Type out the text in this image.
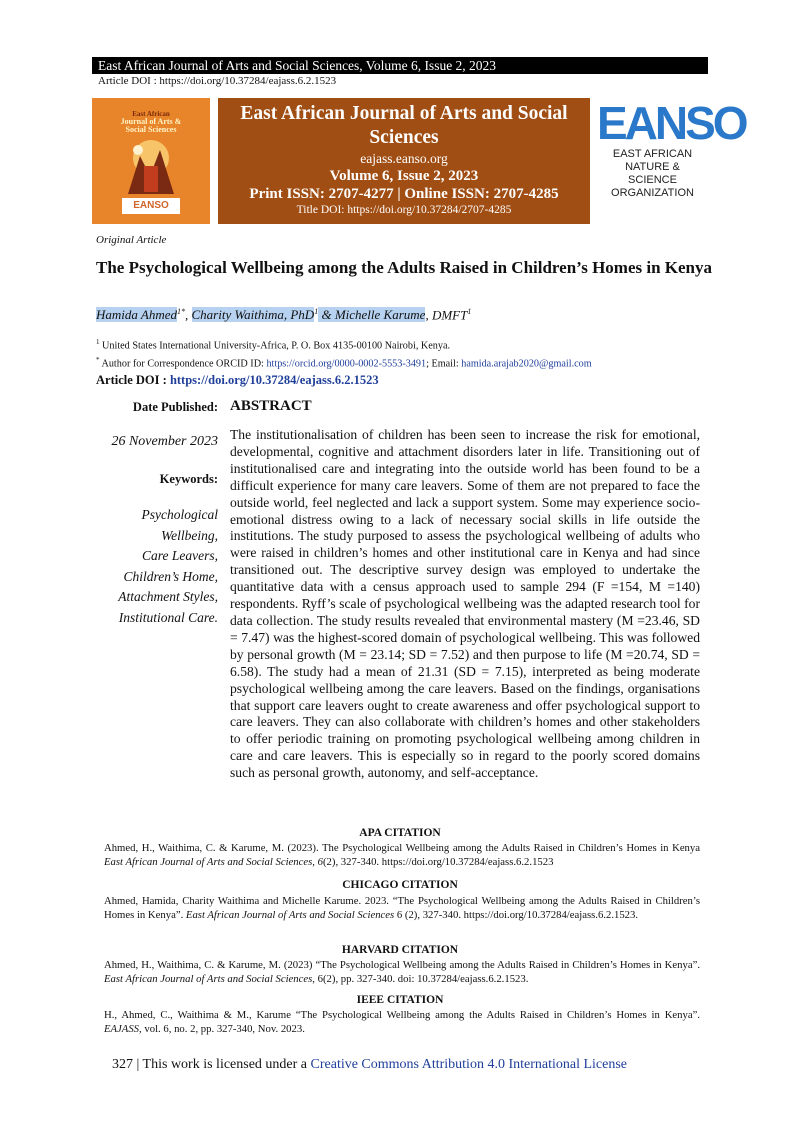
East African Journal of Arts and Social Sciences, Volume 6, Issue 2, 2023
Article DOI : https://doi.org/10.37284/eajass.6.2.1523
East African
Journal of Arts &
Social Sciences
EANSO
East African Journal of Arts and Social Sciences
eajass.eanso.org
Volume 6, Issue 2, 2023
Print ISSN: 2707-4277 | Online ISSN: 2707-4285
Title DOI: https://doi.org/10.37284/2707-4285
EANSO
EAST AFRICAN
NATURE &
SCIENCE
ORGANIZATION
Original Article
The Psychological Wellbeing among the Adults Raised in Children’s Homes in Kenya
Hamida Ahmed$^{1*}$, Charity Waithima, PhD$^1$ & Michelle Karume, DMFT$^1$
$^1$ United States International University-Africa, P. O. Box 4135-00100 Nairobi, Kenya.
* Author for Correspondence ORCID ID: https://orcid.org/0000-0002-5553-3491; Email: hamida.arajab2020@gmail.com
Article DOI : https://doi.org/10.37284/eajass.6.2.1523
Date Published:
26 November 2023
Keywords:
Psychological
Wellbeing,
Care Leavers,
Children’s Home,
Attachment Styles,
Institutional Care.
ABSTRACT
The institutionalisation of children has been seen to increase the risk for emotional, developmental, cognitive and attachment disorders later in life. Transitioning out of institutionalised care and integrating into the outside world has been found to be a difficult experience for many care leavers. Some of them are not prepared to face the outside world, feel neglected and lack a support system. Some may experience socio-emotional distress owing to a lack of necessary social skills in life outside the institutions. The study purposed to assess the psychological wellbeing of adults who were raised in children’s homes and other institutional care in Kenya and had since transitioned out. The descriptive survey design was employed to undertake the quantitative data with a census approach used to sample 294 (F =154, M =140) respondents. Ryff’s scale of psychological wellbeing was the adapted research tool for data collection. The study results revealed that environmental mastery (M =23.46, SD = 7.47) was the highest-scored domain of psychological wellbeing. This was followed by personal growth (M = 23.14; SD = 7.52) and then purpose to life (M =20.74, SD = 6.58). The study had a mean of 21.31 (SD = 7.15), interpreted as being moderate psychological wellbeing among the care leavers. Based on the findings, organisations that support care leavers ought to create awareness and offer psychological support to care leavers. They can also collaborate with children’s homes and other stakeholders to offer periodic training on promoting psychological wellbeing among children in care and care leavers. This is especially so in regard to the poorly scored domains such as personal growth, autonomy, and self-acceptance.
APA CITATION
Ahmed, H., Waithima, C. & Karume, M. (2023). The Psychological Wellbeing among the Adults Raised in Children’s Homes in Kenya East African Journal of Arts and Social Sciences, 6(2), 327-340. https://doi.org/10.37284/eajass.6.2.1523
CHICAGO CITATION
Ahmed, Hamida, Charity Waithima and Michelle Karume. 2023. “The Psychological Wellbeing among the Adults Raised in Children’s Homes in Kenya”. East African Journal of Arts and Social Sciences 6 (2), 327-340. https://doi.org/10.37284/eajass.6.2.1523.
HARVARD CITATION
Ahmed, H., Waithima, C. & Karume, M. (2023) “The Psychological Wellbeing among the Adults Raised in Children’s Homes in Kenya”. East African Journal of Arts and Social Sciences, 6(2), pp. 327-340. doi: 10.37284/eajass.6.2.1523.
IEEE CITATION
H., Ahmed, C., Waithima & M., Karume “The Psychological Wellbeing among the Adults Raised in Children’s Homes in Kenya”. EAJASS, vol. 6, no. 2, pp. 327-340, Nov. 2023.
327 | This work is licensed under a Creative Commons Attribution 4.0 International License
